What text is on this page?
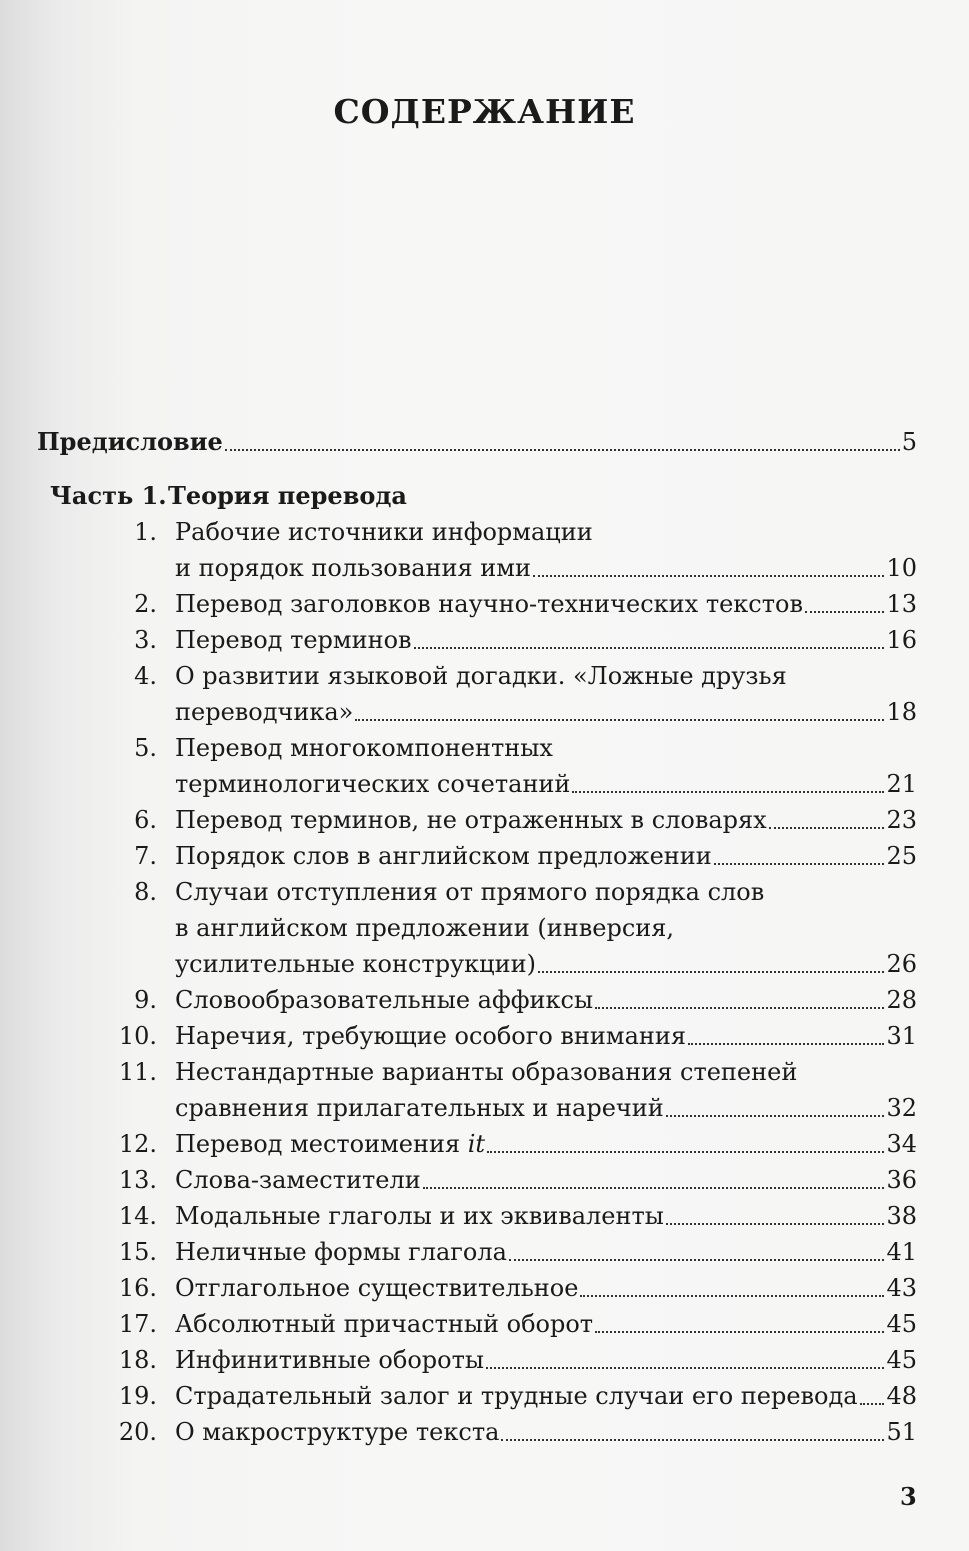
СОДЕРЖАНИЕ
Предисловие	5
Часть 1.Теория перевода
1. Рабочие источники информации
и порядок пользования ими	10
2. Перевод заголовков научно-технических текстов	13
3. Перевод терминов	16
4. О развитии языковой догадки. «Ложные друзья
переводчика»	18
5. Перевод многокомпонентных
терминологических сочетаний	21
6. Перевод терминов, не отраженных в словарях	23
7. Порядок слов в английском предложении	25
8. Случаи отступления от прямого порядка слов
в английском предложении (инверсия,
усилительные конструкции)	26
9. Словообразовательные аффиксы	28
10. Наречия, требующие особого внимания	31
11. Нестандартные варианты образования степеней
сравнения прилагательных и наречий	32
12. Перевод местоимения it	34
13. Слова-заместители	36
14. Модальные глаголы и их эквиваленты	38
15. Неличные формы глагола	41
16. Отглагольное существительное	43
17. Абсолютный причастный оборот	45
18. Инфинитивные обороты	45
19. Страдательный залог и трудные случаи его перевода 48
20. О макроструктуре текста	51
3
